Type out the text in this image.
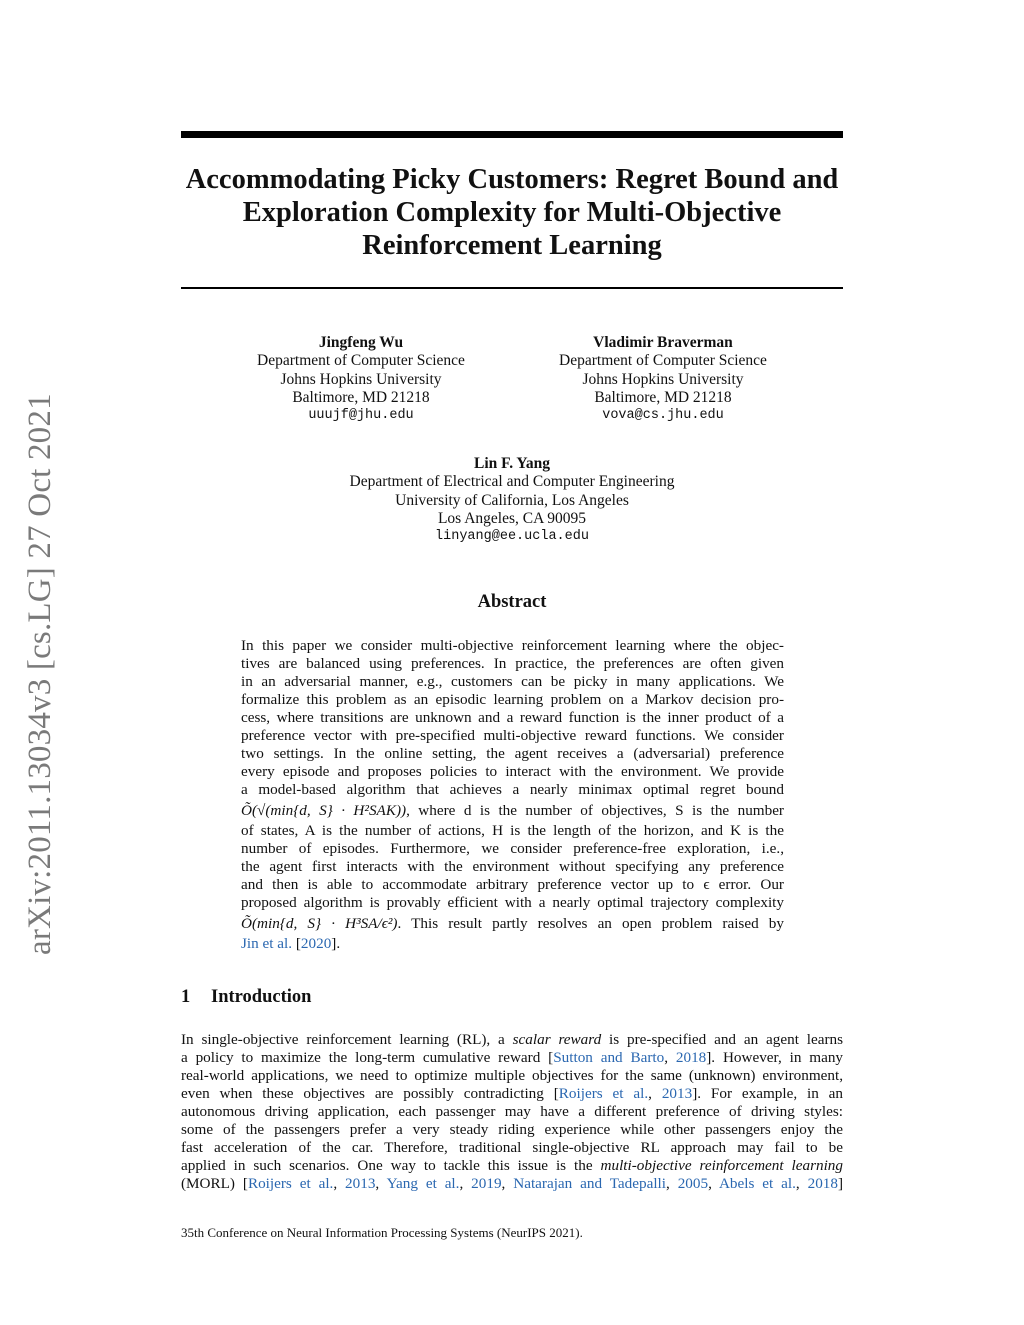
arXiv:2011.13034v3 [cs.LG] 27 Oct 2021
Accommodating Picky Customers: Regret Bound and
Exploration Complexity for Multi-Objective
Reinforcement Learning
Jingfeng Wu
Department of Computer Science
Johns Hopkins University
Baltimore, MD 21218
uuujf@jhu.edu
Vladimir Braverman
Department of Computer Science
Johns Hopkins University
Baltimore, MD 21218
vova@cs.jhu.edu
Lin F. Yang
Department of Electrical and Computer Engineering
University of California, Los Angeles
Los Angeles, CA 90095
linyang@ee.ucla.edu
Abstract
In this paper we consider multi-objective reinforcement learning where the objec-
tives are balanced using preferences. In practice, the preferences are often given
in an adversarial manner, e.g., customers can be picky in many applications. We
formalize this problem as an episodic learning problem on a Markov decision pro-
cess, where transitions are unknown and a reward function is the inner product of a
preference vector with pre-specified multi-objective reward functions. We consider
two settings. In the online setting, the agent receives a (adversarial) preference
every episode and proposes policies to interact with the environment. We provide
a model-based algorithm that achieves a nearly minimax optimal regret bound
Õ(√(min{d, S} · H²SAK)), where d is the number of objectives, S is the number
of states, A is the number of actions, H is the length of the horizon, and K is the
number of episodes. Furthermore, we consider preference-free exploration, i.e.,
the agent first interacts with the environment without specifying any preference
and then is able to accommodate arbitrary preference vector up to ϵ error. Our
proposed algorithm is provably efficient with a nearly optimal trajectory complexity
Õ(min{d, S} · H³SA/ϵ²). This result partly resolves an open problem raised by
Jin et al. [2020].
1 Introduction
In single-objective reinforcement learning (RL), a scalar reward is pre-specified and an agent learns
a policy to maximize the long-term cumulative reward [Sutton and Barto, 2018]. However, in many
real-world applications, we need to optimize multiple objectives for the same (unknown) environment,
even when these objectives are possibly contradicting [Roijers et al., 2013]. For example, in an
autonomous driving application, each passenger may have a different preference of driving styles:
some of the passengers prefer a very steady riding experience while other passengers enjoy the
fast acceleration of the car. Therefore, traditional single-objective RL approach may fail to be
applied in such scenarios. One way to tackle this issue is the multi-objective reinforcement learning
(MORL) [Roijers et al., 2013, Yang et al., 2019, Natarajan and Tadepalli, 2005, Abels et al., 2018]
35th Conference on Neural Information Processing Systems (NeurIPS 2021).
